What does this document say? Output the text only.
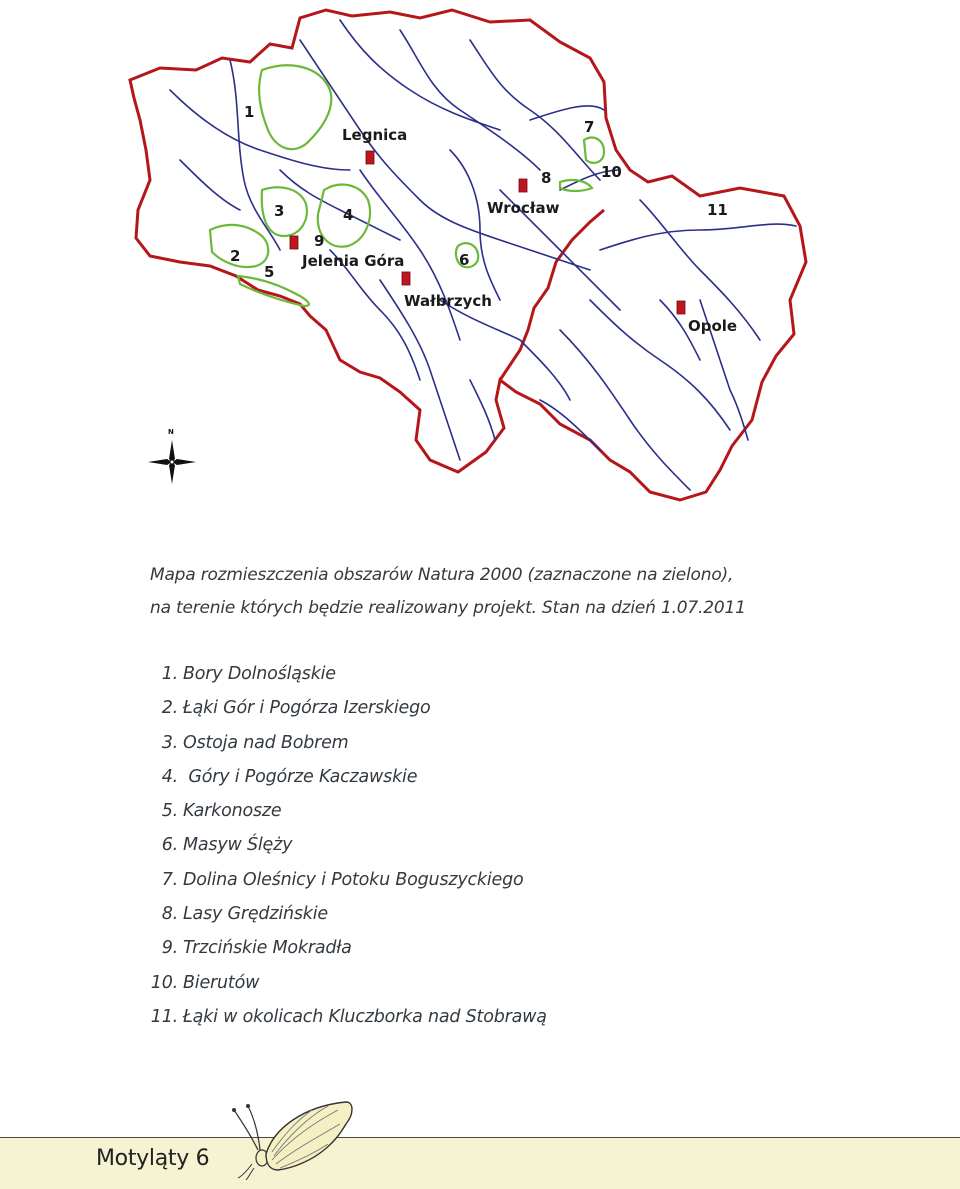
Legnica
Wrocław
Jelenia Góra
Wałbrzych
Opole
1
2
3	4
5
6
7
8
9
10
11
N
Mapa rozmieszczenia obszarów Natura 2000 (zaznaczone na zielono),
na terenie których będzie realizowany projekt. Stan na dzień 1.07.2011
1. Bory Dolnośląskie
2. Łąki Gór i Pogórza Izerskiego
3. Ostoja nad Bobrem
4. Góry i Pogórze Kaczawskie
5. Karkonosze
6. Masyw Ślęży
7. Dolina Oleśnicy i Potoku Boguszyckiego
8. Lasy Grędzińskie
9. Trzcińskie Mokradła
10. Bierutów
11. Łąki w okolicach Kluczborka nad Stobrawą
Motyląty 6
